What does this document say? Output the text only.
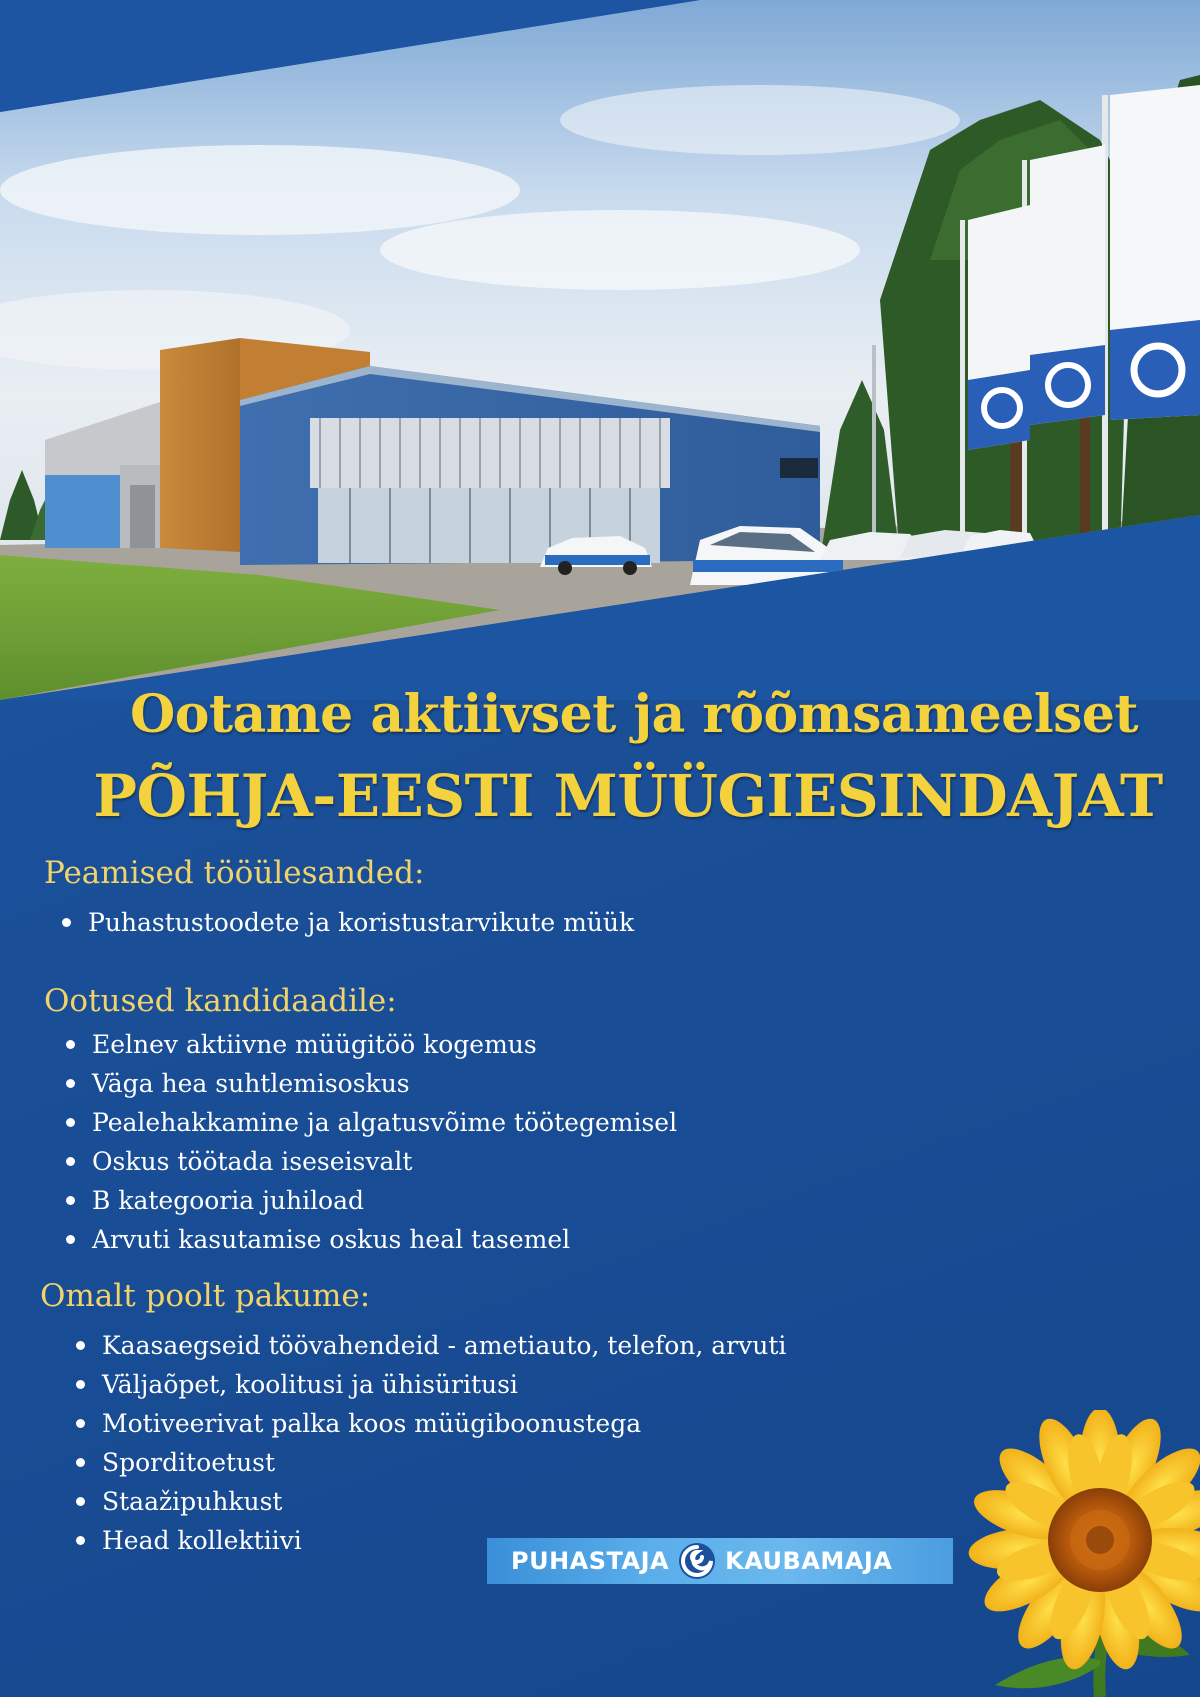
Ootame aktiivset ja rõõmsameelset
PÕHJA-EESTI MÜÜGIESINDAJAT
Peamised tööülesanded:
Puhastustoodete ja koristustarvikute müük
Ootused kandidaadile:
Eelnev aktiivne müügitöö kogemus
Väga hea suhtlemisoskus
Pealehakkamine ja algatusvõime töötegemisel
Oskus töötada iseseisvalt
B kategooria juhiload
Arvuti kasutamise oskus heal tasemel
Omalt poolt pakume:
Kaasaegseid töövahendeid - ametiauto, telefon, arvuti
Väljaõpet, koolitusi ja ühisüritusi
Motiveerivat palka koos müügiboonustega
Sporditoetust
Staažipuhkust
Head kollektiivi
PUHASTAJA KAUBAMAJA
